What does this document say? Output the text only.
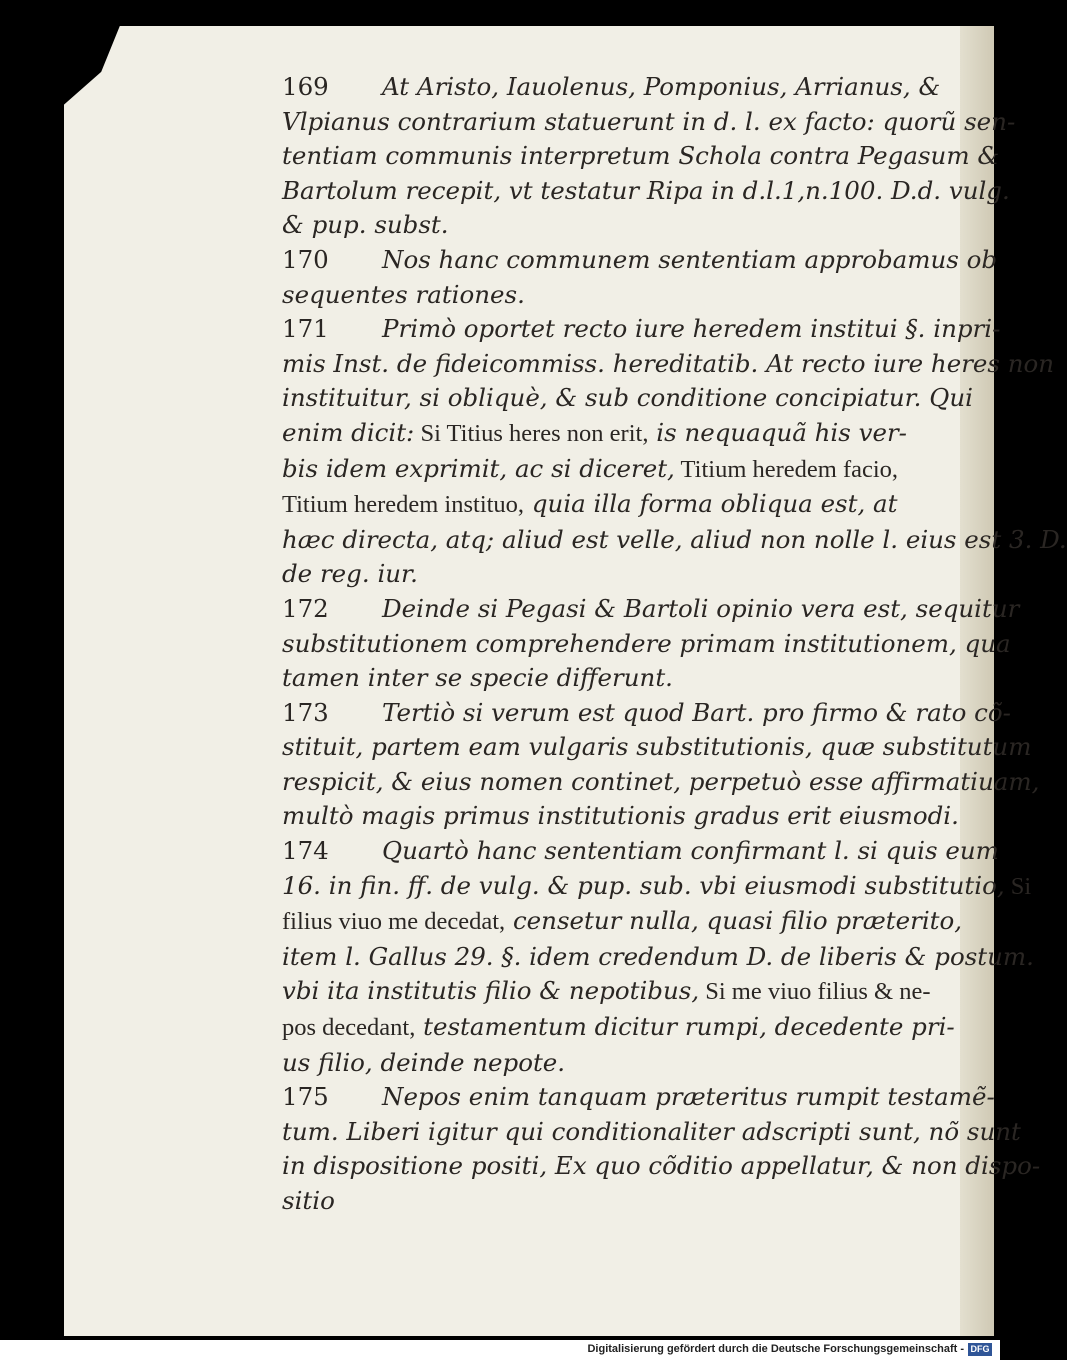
169 At Aristo, Iauolenus, Pomponius, Arrianus, &
Vlpianus contrarium statuerunt in d. l. ex facto: quorũ sen-
tentiam communis interpretum Schola contra Pegasum &
Bartolum recepit, vt testatur Ripa in d.l.1,n.100. D.d. vulg.
& pup. subst.
170 Nos hanc communem sententiam approbamus ob
sequentes rationes.
171 Primò oportet recto iure heredem institui §. inpri-
mis Inst. de fideicommiss. hereditatib. At recto iure heres non
instituitur, si obliquè, & sub conditione concipiatur. Qui
enim dicit: Si Titius heres non erit, is nequaquã his ver-
bis idem exprimit, ac si diceret, Titium heredem facio,
Titium heredem instituo, quia illa forma obliqua est, at
hæc directa, atq; aliud est velle, aliud non nolle l. eius est 3. D.
de reg. iur.
172 Deinde si Pegasi & Bartoli opinio vera est, sequitur
substitutionem comprehendere primam institutionem, qua
tamen inter se specie differunt.
173 Tertiò si verum est quod Bart. pro firmo & rato cõ-
stituit, partem eam vulgaris substitutionis, quæ substitutum
respicit, & eius nomen continet, perpetuò esse affirmatiuam,
multò magis primus institutionis gradus erit eiusmodi.
174 Quartò hanc sententiam confirmant l. si quis eum
16. in fin. ff. de vulg. & pup. sub. vbi eiusmodi substitutio, Si
filius viuo me decedat, censetur nulla, quasi filio præterito,
item l. Gallus 29. §. idem credendum D. de liberis & postum.
vbi ita institutis filio & nepotibus, Si me viuo filius & ne-
pos decedant, testamentum dicitur rumpi, decedente pri-
us filio, deinde nepote.
175 Nepos enim tanquam præteritus rumpit testamẽ-
tum. Liberi igitur qui conditionaliter adscripti sunt, nõ sunt
in dispositione positi, Ex quo cõditio appellatur, & non dispo-
sitio
Digitalisierung gefördert durch die Deutsche Forschungsgemeinschaft - DFG
